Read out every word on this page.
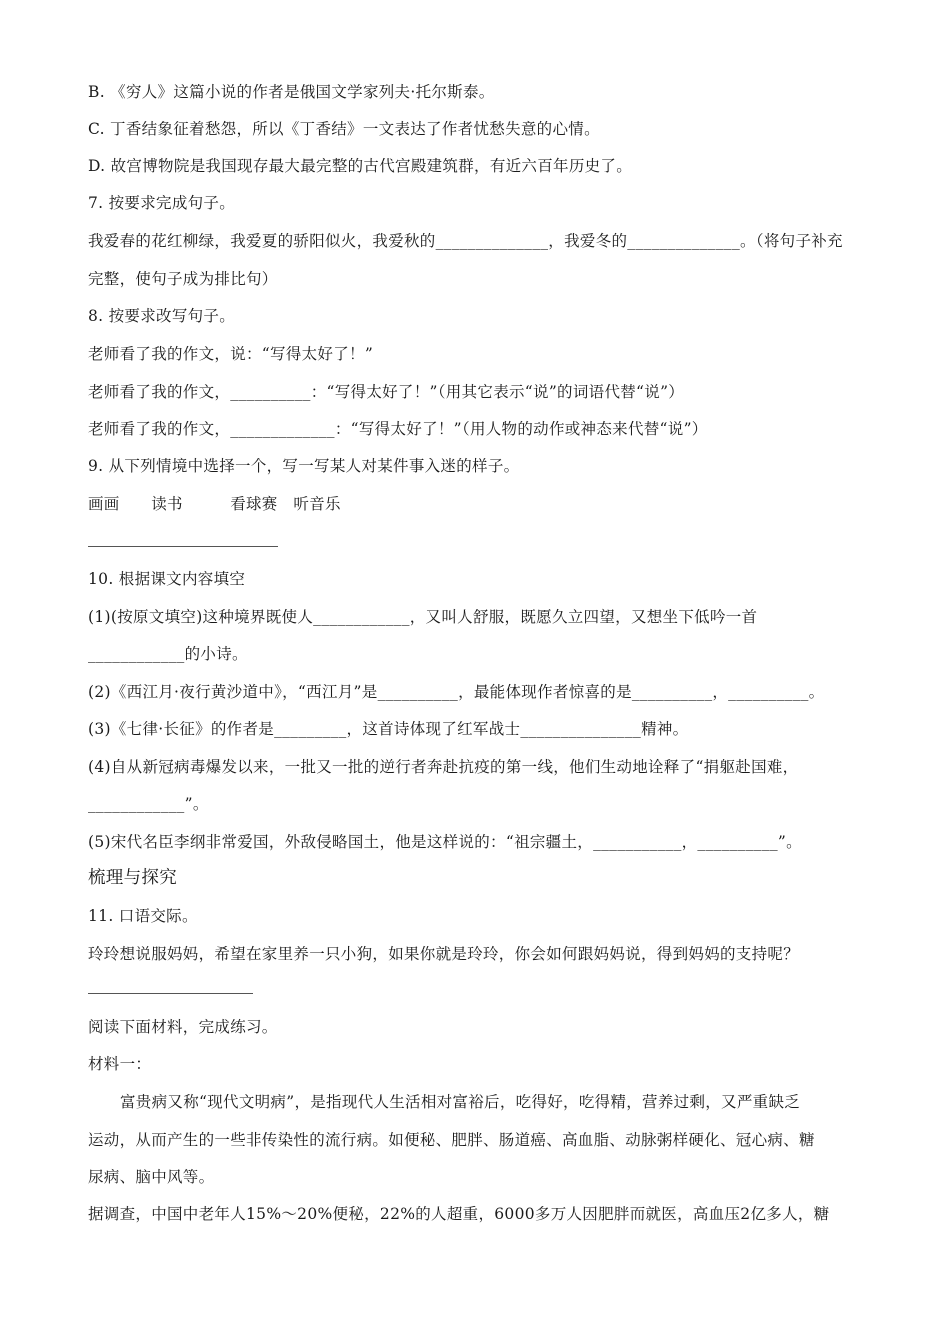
B. 《穷人》这篇小说的作者是俄国文学家列夫·托尔斯泰。
C. 丁香结象征着愁怨，所以《丁香结》一文表达了作者忧愁失意的心情。
D. 故宫博物院是我国现存最大最完整的古代宫殿建筑群，有近六百年历史了。
7. 按要求完成句子。
我爱春的花红柳绿，我爱夏的骄阳似火，我爱秋的______________，我爱冬的______________。（将句子补充
完整，使句子成为排比句）
8. 按要求改写句子。
老师看了我的作文，说：“写得太好了！”
老师看了我的作文，__________：“写得太好了！”（用其它表示“说”的词语代替“说”）
老师看了我的作文，_____________：“写得太好了！”（用人物的动作或神态来代替“说”）
9. 从下列情境中选择一个，写一写某人对某件事入迷的样子。
画画　　读书　　　看球赛　听音乐
10. 根据课文内容填空
(1)(按原文填空)这种境界既使人____________，又叫人舒服，既愿久立四望，又想坐下低吟一首
____________的小诗。
(2)《西江月·夜行黄沙道中》，“西江月”是__________，最能体现作者惊喜的是__________，__________。
(3)《七律·长征》的作者是_________，这首诗体现了红军战士_______________精神。
(4)自从新冠病毒爆发以来，一批又一批的逆行者奔赴抗疫的第一线，他们生动地诠释了“捐躯赴国难，
____________”。
(5)宋代名臣李纲非常爱国，外敌侵略国土，他是这样说的：“祖宗疆土，___________，__________”。
梳理与探究
11. 口语交际。
玲玲想说服妈妈，希望在家里养一只小狗，如果你就是玲玲，你会如何跟妈妈说，得到妈妈的支持呢？
阅读下面材料，完成练习。
材料一：
富贵病又称“现代文明病”，是指现代人生活相对富裕后，吃得好，吃得精，营养过剩，又严重缺乏
运动，从而产生的一些非传染性的流行病。如便秘、肥胖、肠道癌、高血脂、动脉粥样硬化、冠心病、糖
尿病、脑中风等。
据调查，中国中老年人15%～20%便秘，22%的人超重，6000多万人因肥胖而就医，高血压2亿多人，糖
